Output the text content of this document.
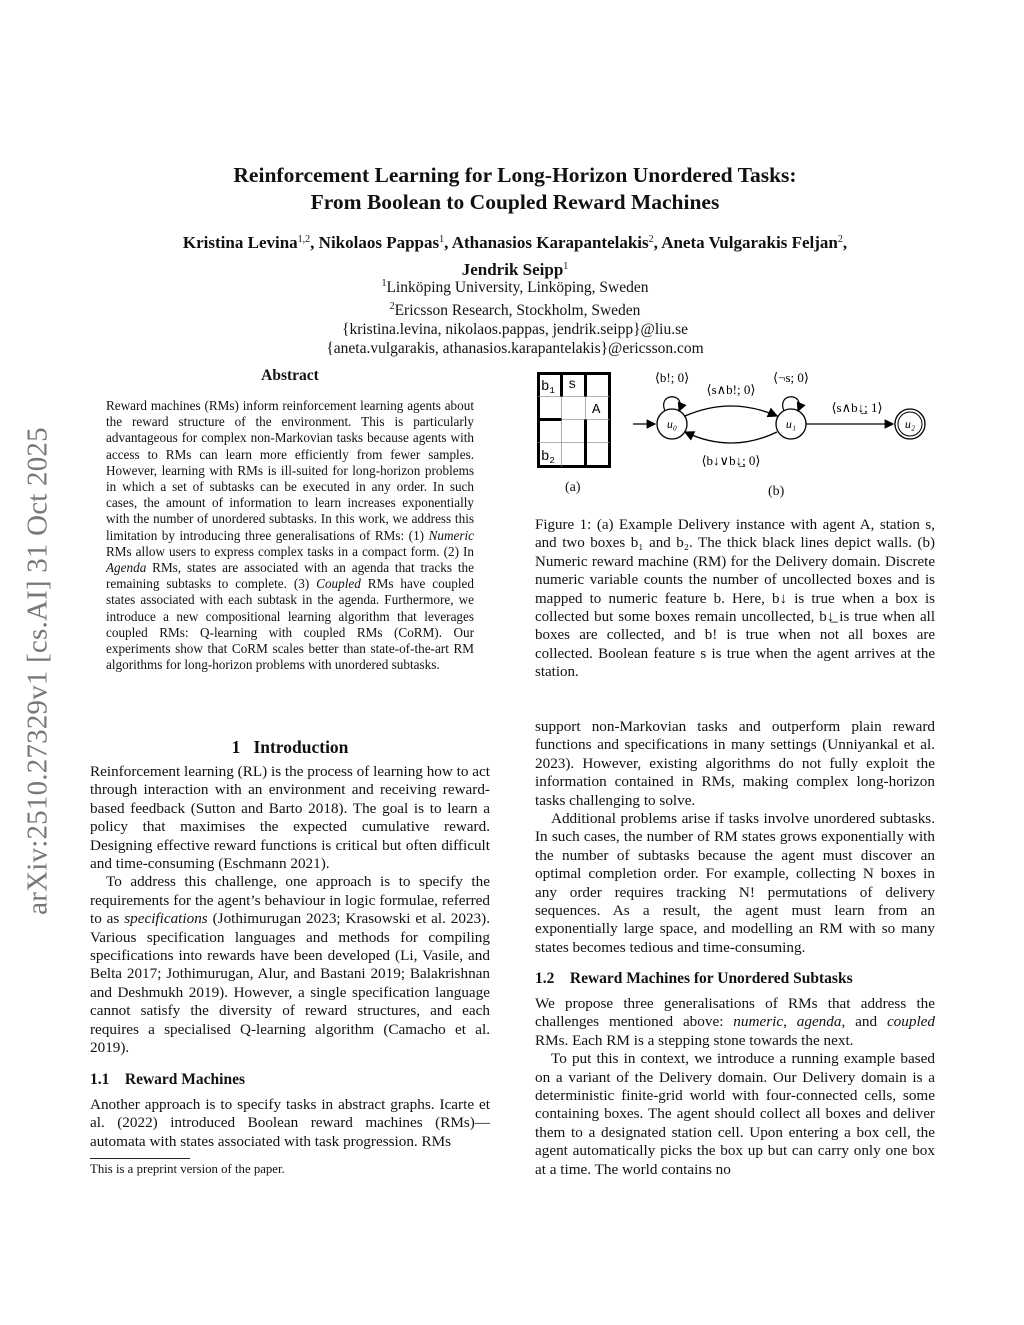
arXiv:2510.27329v1 [cs.AI] 31 Oct 2025
Reinforcement Learning for Long-Horizon Unordered Tasks:
From Boolean to Coupled Reward Machines
Kristina Levina$^{1,2}$, Nikolaos Pappas$^1$, Athanasios Karapantelakis$^2$, Aneta Vulgarakis Feljan$^2$,
Jendrik Seipp$^1$
$^1$Linköping University, Linköping, Sweden
$^2$Ericsson Research, Stockholm, Sweden
{kristina.levina, nikolaos.pappas, jendrik.seipp}@liu.se
{aneta.vulgarakis, athanasios.karapantelakis}@ericsson.com
Abstract
Reward machines (RMs) inform reinforcement learning agents about the reward structure of the environment. This is particularly advantageous for complex non-Markovian tasks because agents with access to RMs can learn more efficiently from fewer samples. However, learning with RMs is ill-suited for long-horizon problems in which a set of subtasks can be executed in any order. In such cases, the amount of information to learn increases exponentially with the number of unordered subtasks. In this work, we address this limitation by introducing three generalisations of RMs: (1) Numeric RMs allow users to express complex tasks in a compact form. (2) In Agenda RMs, states are associated with an agenda that tracks the remaining subtasks to complete. (3) Coupled RMs have coupled states associated with each subtask in the agenda. Furthermore, we introduce a new compositional learning algorithm that leverages coupled RMs: Q-learning with coupled RMs (CoRM). Our experiments show that CoRM scales better than state-of-the-art RM algorithms for long-horizon problems with unordered subtasks.
1 Introduction

Reinforcement learning (RL) is the process of learning how to act through interaction with an environment and receiving reward-based feedback (Sutton and Barto 2018). The goal is to learn a policy that maximises the expected cumulative reward. Designing effective reward functions is critical but often difficult and time-consuming (Eschmann 2021).

To address this challenge, one approach is to specify the requirements for the agent’s behaviour in logic formulae, referred to as specifications (Jothimurugan 2023; Krasowski et al. 2023). Various specification languages and methods for compiling specifications into rewards have been developed (Li, Vasile, and Belta 2017; Jothimurugan, Alur, and Bastani 2019; Balakrishnan and Deshmukh 2019). However, a single specification language cannot satisfy the diversity of reward structures, and each requires a specialised Q-learning algorithm (Camacho et al. 2019).

1.1 Reward Machines

Another approach is to specify tasks in abstract graphs. Icarte et al. (2022) introduced Boolean reward machines (RMs)—automata with states associated with task progression. RMs

This is a preprint version of the paper.
$b_1$ s
A
$b_2$
(a)
u₀	u₁	u₂
⟨b!; 0⟩	⟨¬s; 0⟩
⟨s∧b!; 0⟩
⟨b↓∨b↓̲; 0⟩
⟨s∧b↓̲; 1⟩
(b)
Figure 1: (a) Example Delivery instance with agent A, station s, and two boxes b₁ and b₂. The thick black lines depict walls. (b) Numeric reward machine (RM) for the Delivery domain. Discrete numeric variable counts the number of uncollected boxes and is mapped to numeric feature b. Here, b↓ is true when a box is collected but some boxes remain uncollected, b↓̲ is true when all boxes are collected, and b! is true when not all boxes are collected. Boolean feature s is true when the agent arrives at the station.

support non-Markovian tasks and outperform plain reward functions and specifications in many settings (Unniyankal et al. 2023). However, existing algorithms do not fully exploit the information contained in RMs, making complex long-horizon tasks challenging to solve.

Additional problems arise if tasks involve unordered subtasks. In such cases, the number of RM states grows exponentially with the number of subtasks because the agent must discover an optimal completion order. For example, collecting N boxes in any order requires tracking N! permutations of delivery sequences. As a result, the agent must learn from an exponentially large space, and modelling an RM with so many states becomes tedious and time-consuming.

1.2 Reward Machines for Unordered Subtasks

We propose three generalisations of RMs that address the challenges mentioned above: numeric, agenda, and coupled RMs. Each RM is a stepping stone towards the next.

To put this in context, we introduce a running example based on a variant of the Delivery domain. Our Delivery domain is a deterministic finite-grid world with four-connected cells, some containing boxes. The agent should collect all boxes and deliver them to a designated station cell. Upon entering a box cell, the agent automatically picks the box up but can carry only one box at a time. The world contains no
